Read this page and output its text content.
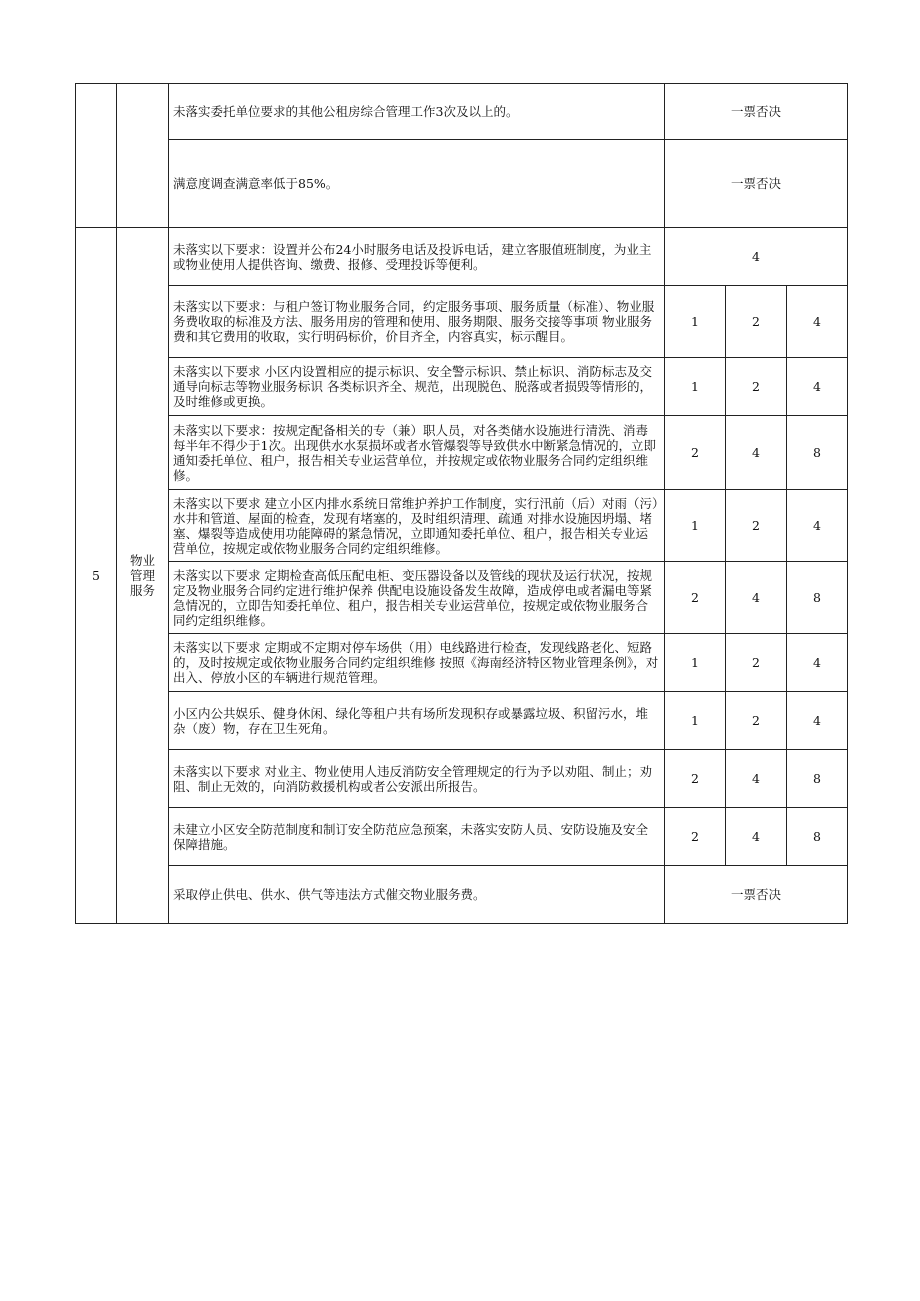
		未落实委托单位要求的其他公租房综合管理工作3次及以上的。	一票否决		
		满意度调查满意率低于85%。	一票否决		
5	物业管理服务	未落实以下要求：设置并公布24小时服务电话及投诉电话，建立客服值班制度，为业主或物业使用人提供咨询、缴费、报修、受理投诉等便利。	4		
		未落实以下要求：与租户签订物业服务合同，约定服务事项、服务质量（标准）、物业服务费收取的标准及方法、服务用房的管理和使用、服务期限、服务交接等事项 物业服务费和其它费用的收取，实行明码标价，价目齐全，内容真实，标示醒目。	1	2	4
		未落实以下要求 小区内设置相应的提示标识、安全警示标识、禁止标识、消防标志及交通导向标志等物业服务标识 各类标识齐全、规范，出现脱色、脱落或者损毁等情形的，及时维修或更换。	1	2	4
		未落实以下要求：按规定配备相关的专（兼）职人员，对各类储水设施进行清洗、消毒每半年不得少于1次。出现供水水泵损坏或者水管爆裂等导致供水中断紧急情况的，立即通知委托单位、租户，报告相关专业运营单位，并按规定或依物业服务合同约定组织维修。	2	4	8
		未落实以下要求 建立小区内排水系统日常维护养护工作制度，实行汛前（后）对雨（污）水井和管道、屋面的检查，发现有堵塞的，及时组织清理、疏通 对排水设施因坍塌、堵塞、爆裂等造成使用功能障碍的紧急情况，立即通知委托单位、租户，报告相关专业运营单位，按规定或依物业服务合同约定组织维修。	1	2	4
		未落实以下要求 定期检查高低压配电柜、变压器设备以及管线的现状及运行状况，按规定及物业服务合同约定进行维护保养 供配电设施设备发生故障，造成停电或者漏电等紧急情况的，立即告知委托单位、租户，报告相关专业运营单位，按规定或依物业服务合同约定组织维修。	2	4	8
		未落实以下要求 定期或不定期对停车场供（用）电线路进行检查，发现线路老化、短路的，及时按规定或依物业服务合同约定组织维修 按照《海南经济特区物业管理条例》，对出入、停放小区的车辆进行规范管理。	1	2	4
		小区内公共娱乐、健身休闲、绿化等租户共有场所发现积存或暴露垃圾、积留污水，堆杂（废）物，存在卫生死角。	1	2	4
		未落实以下要求 对业主、物业使用人违反消防安全管理规定的行为予以劝阻、制止；劝阻、制止无效的，向消防救援机构或者公安派出所报告。	2	4	8
		未建立小区安全防范制度和制订安全防范应急预案，未落实安防人员、安防设施及安全保障措施。	2	4	8
		采取停止供电、供水、供气等违法方式催交物业服务费。	一票否决		
